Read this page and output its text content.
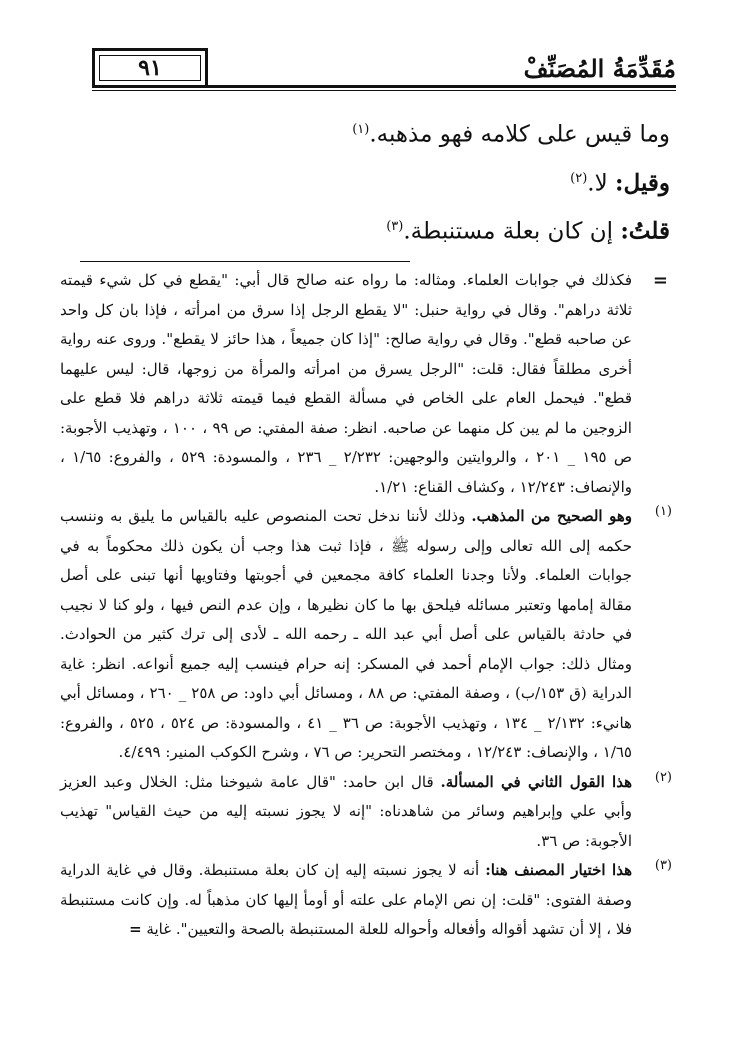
٩١	مُقَدِّمَةُ المُصَنِّفْ
وما قيس على كلامه فهو مذهبه.$^{(١)}$
وقيل: لا.$^{(٢)}$
قلتُ: إن كان بعلة مستنبطة.$^{(٣)}$
=
فكذلك في جوابات العلماء. ومثاله: ما رواه عنه صالح قال أبي: "يقطع في كل شيء قيمته ثلاثة دراهم". وقال في رواية حنبل: "لا يقطع الرجل إذا سرق من امرأته ، فإذا بان كل واحد عن صاحبه قطع". وقال في رواية صالح: "إذا كان جميعاً ، هذا حائز لا يقطع". وروى عنه رواية أخرى مطلقاً فقال: قلت: "الرجل يسرق من امرأته والمرأة من زوجها، قال: ليس عليهما قطع". فيحمل العام على الخاص في مسألة القطع فيما قيمته ثلاثة دراهم فلا قطع على الزوجين ما لم يبن كل منهما عن صاحبه. انظر: صفة المفتي: ص ٩٩ ، ١٠٠ ، وتهذيب الأجوبة: ص ١٩٥ _ ٢٠١ ، والروايتين والوجهين: ٢/٢٣٢ _ ٢٣٦ ، والمسودة: ٥٢٩ ، والفروع: ١/٦٥ ، والإنصاف: ١٢/٢٤٣ ، وكشاف القناع: ١/٢١.
(١)
وهو الصحيح من المذهب. وذلك لأننا ندخل تحت المنصوص عليه بالقياس ما يليق به وننسب حكمه إلى الله تعالى وإلى رسوله ﷺ ، فإذا ثبت هذا وجب أن يكون ذلك محكوماً به في جوابات العلماء. ولأنا وجدنا العلماء كافة مجمعين في أجوبتها وفتاويها أنها تبنى على أصل مقالة إمامها وتعتبر مسائله فيلحق بها ما كان نظيرها ، وإن عدم النص فيها ، ولو كنا لا نجيب في حادثة بالقياس على أصل أبي عبد الله ـ رحمه الله ـ لأدى إلى ترك كثير من الحوادث. ومثال ذلك: جواب الإمام أحمد في المسكر: إنه حرام فينسب إليه جميع أنواعه. انظر: غاية الدراية (ق ١٥٣/ب) ، وصفة المفتي: ص ٨٨ ، ومسائل أبي داود: ص ٢٥٨ _ ٢٦٠ ، ومسائل أبي هانيء: ٢/١٣٢ _ ١٣٤ ، وتهذيب الأجوبة: ص ٣٦ _ ٤١ ، والمسودة: ص ٥٢٤ ، ٥٢٥ ، والفروع: ١/٦٥ ، والإنصاف: ١٢/٢٤٣ ، ومختصر التحرير: ص ٧٦ ، وشرح الكوكب المنير: ٤/٤٩٩.
(٢)
هذا القول الثاني في المسألة. قال ابن حامد: "قال عامة شيوخنا مثل: الخلال وعبد العزيز وأبي علي وإبراهيم وسائر من شاهدناه: "إنه لا يجوز نسبته إليه من حيث القياس" تهذيب الأجوبة: ص ٣٦.
(٣)
هذا اختيار المصنف هنا: أنه لا يجوز نسبته إليه إن كان بعلة مستنبطة. وقال في غاية الدراية وصفة الفتوى: "قلت: إن نص الإمام على علته أو أومأ إليها كان مذهباً له. وإن كانت مستنبطة فلا ، إلا أن تشهد أقواله وأفعاله وأحواله للعلة المستنبطة بالصحة والتعيين". غاية =
